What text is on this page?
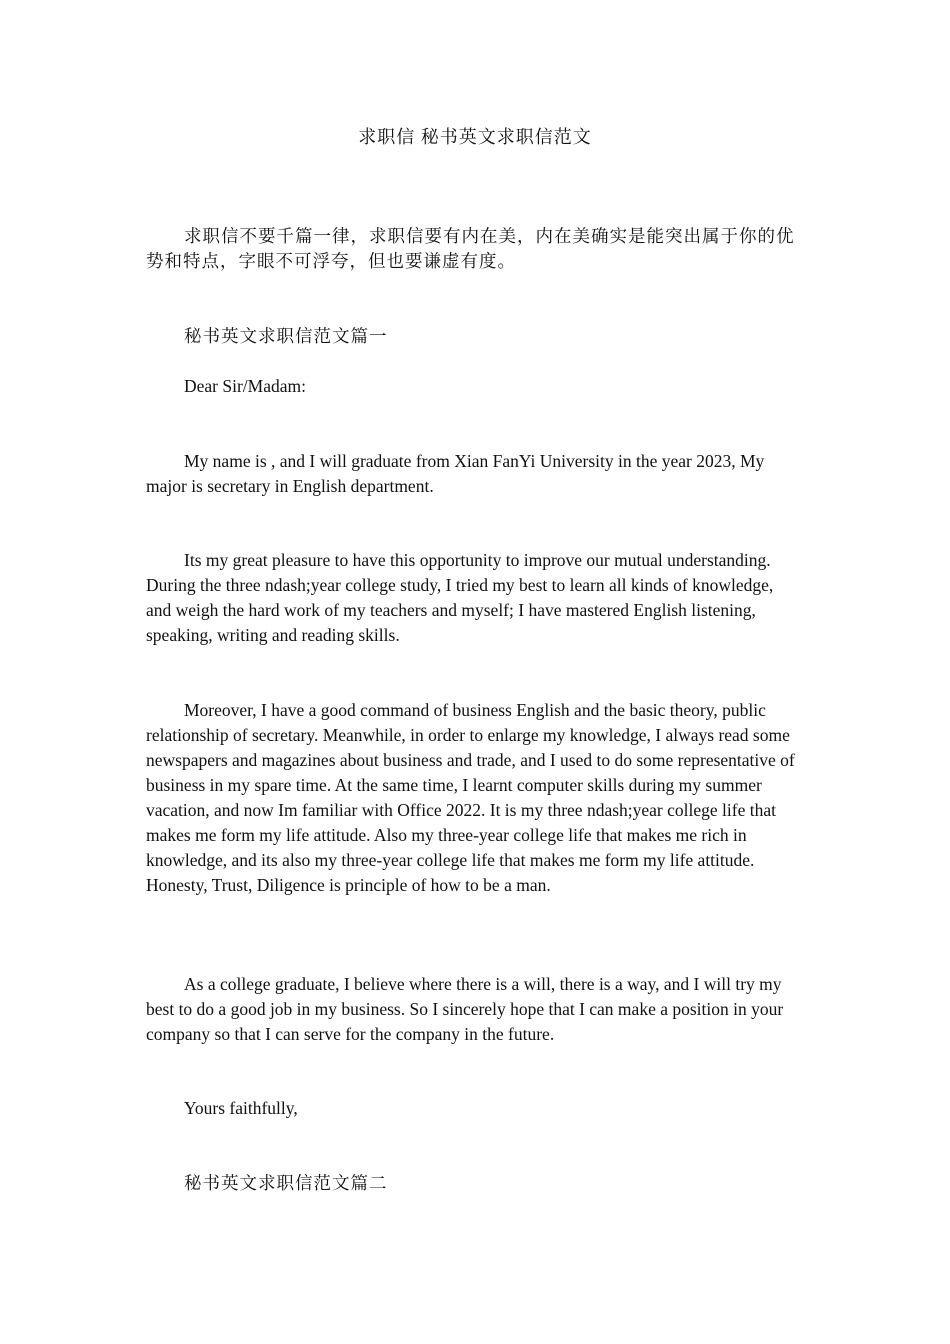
求职信 秘书英文求职信范文

求职信不要千篇一律，求职信要有内在美，内在美确实是能突出属于你的优势和特点，字眼不可浮夸，但也要谦虚有度。

秘书英文求职信范文篇一

Dear Sir/Madam:

My name is , and I will graduate from Xian FanYi University in the year 2023, My major is secretary in English department.

Its my great pleasure to have this opportunity to improve our mutual understanding. During the three ndash;year college study, I tried my best to learn all kinds of knowledge, and weigh the hard work of my teachers and myself; I have mastered English listening, speaking, writing and reading skills.

Moreover, I have a good command of business English and the basic theory, public relationship of secretary. Meanwhile, in order to enlarge my knowledge, I always read some newspapers and magazines about business and trade, and I used to do some representative of business in my spare time. At the same time, I learnt computer skills during my summer vacation, and now Im familiar with Office 2022. It is my three ndash;year college life that makes me form my life attitude. Also my three-year college life that makes me rich in knowledge, and its also my three-year college life that makes me form my life attitude. Honesty, Trust, Diligence is principle of how to be a man.

As a college graduate, I believe where there is a will, there is a way, and I will try my best to do a good job in my business. So I sincerely hope that I can make a position in your company so that I can serve for the company in the future.

Yours faithfully,

秘书英文求职信范文篇二
